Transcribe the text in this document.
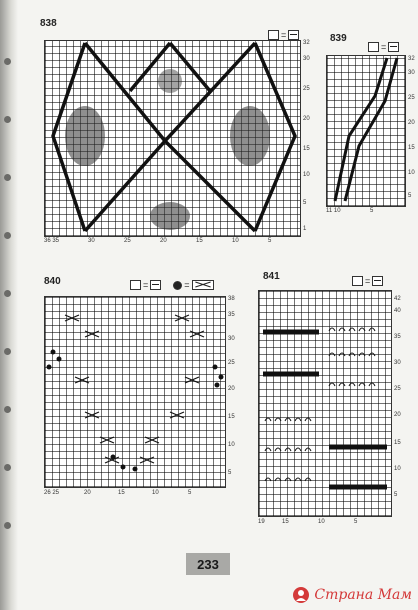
838
=
32
30
25
20
15
10
5
1
36 35	30	25	20	15	10	5
839
=
32
30
25
20
15
10
5
11 10	5
840	=	=
38
35
30
25
20
15
10
5
26 25	20	15	10	5
841	=
42
40
35
30
25
20
15
10
5
19	15	10	5
233
Страна Мам
